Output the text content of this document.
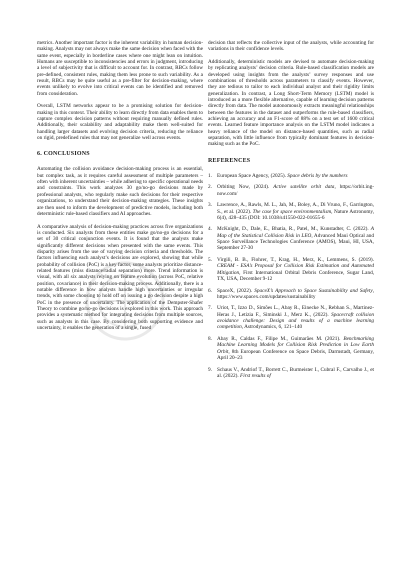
metrics. Another important factor is the inherent variability in human decision-making. Analysts may not always make the same decision when faced with the same event, especially in borderline cases where one might lean on intuition. Humans are susceptible to inconsistencies and errors in judgment, introducing a level of subjectivity that is difficult to account for. In contrast, RBCs follow pre-defined, consistent rules, making them less prone to such variability. As a result, RBCs may be quite useful as a pre-filter for decision-making, where events unlikely to evolve into critical events can be identified and removed from consideration.

Overall, LSTM networks appear to be a promising solution for decision-making in this context. Their ability to learn directly from data enables them to capture complex decision patterns without requiring manually defined rules. Additionally, their scalability and adaptability make them well-suited for handling larger datasets and evolving decision criteria, reducing the reliance on rigid, predefined rules that may not generalize well across events.

6. CONCLUSIONS

Automating the collision avoidance decision-making process is an essential, but complex task, as it requires careful assessment of multiple parameters – often with inherent uncertainties – while adhering to specific operational needs and constraints. This work analyzes 30 go/no-go decisions made by professional analysts, who regularly make such decisions for their respective organizations, to understand their decision-making strategies. These insights are then used to inform the development of predictive models, including both deterministic rule-based classifiers and AI approaches.

A comparative analysis of decision-making practices across five organizations is conducted. Six analysts from these entities make go/no-go decisions for a set of 30 critical conjunction events. It is found that the analysts make significantly different decisions when presented with the same events. This disparity arises from the use of varying decision criteria and thresholds. The factors influencing each analyst’s decisions are explored, showing that while probability of collision (PoC) is a key factor, some analysts prioritize distance-related features (miss distance/radial separation) more. Trend information is visual, with all six analysts relying on feature evolution (across PoC, relative position, covariance) in their decision-making process. Additionally, there is a notable difference in how analysts handle high uncertainties or irregular trends, with some choosing to hold off on issuing a go decision despite a high PoC in the presence of uncertainty. The application of the Dempster-Shafer Theory to combine go/no-go decisions is explored in this work. This approach provides a systematic method for integrating decisions from multiple sources, such as analysts in this case. By considering both supporting evidence and uncertainty, it enables the generation of a single, fused

decision that reflects the collective input of the analysts, while accounting for variations in their confidence levels.

Additionally, deterministic models are devised to automate decision-making by replicating analysts’ decision criteria. Rule-based classification models are developed using insights from the analysts’ survey responses and use combinations of thresholds across parameters to classify events. However, they are tedious to tailor to each individual analyst and their rigidity limits generalization. In contrast, a Long Short-Term Memory (LSTM) model is introduced as a more flexible alternative, capable of learning decision patterns directly from data. The model autonomously extracts meaningful relationships between the features in the dataset and outperforms the rule-based classifiers, achieving an accuracy and an F1-score of 88% on a test set of 1600 critical events. Learned feature importance analysis on the LSTM model indicates a heavy reliance of the model on distance-based quantities, such as radial separation, with little influence from typically dominant features in decision-making such as the PoC.

REFERENCES
1. European Space Agency, (2025). Space debris by the numbers
2. Orbiting Now, (2024). Active satellite orbit data, https://orbit.ing-now.com/
3. Lawrence, A., Rawls, M. L., Jah, M., Boley, A., Di Vruno, F., Garrington, S., et al. (2022). The case for space environmentalism, Nature Astronomy, 6(4), 428–435 (DOI: 10.1038/s41550-022-01655-6
4. McKnight, D., Dale, E., Bhatia, R., Patel, M., Kunstadter, C. (2022). A Map of the Statistical Collision Risk in LEO, Advanced Maui Optical and Space Surveillance Technologies Conference (AMOS), Maui, HI, USA, September 27-30
5. Virgili, B. B., Flohrer, T., Krag, H., Merz, K., Lemmens, S. (2019). CREAM - ESA’s Proposal for Collision Risk Estimation and Automated Mitigation, First International Orbital Debris Conference, Sugar Land, TX, USA, December 9-12
6. SpaceX, (2022). SpaceX’s Approach to Space Sustainability and Safety, https://www.spacex.com/updates/sustainability
7. Uriot, T., Izzo D., Simões L., Abay R., Einecke N., Rebhan S., Martinez-Heras J., Letizia F., Siminski J., Merz K., (2022). Spacecraft collision avoidance challenge: Design and results of a machine learning competition, Astrodynamics, 6, 121–140
8. Abay R., Caldas F., Filipe M., Guimarães M. (2021). Benchmarking Machine Learning Models for Collision Risk Prediction in Low Earth Orbit, 8th European Conference on Space Debris, Darmstadt, Germany, April 20–23
9. Schaus V., Andriof T., Borrett C., Burmeister I., Cubral F., Carvalho J., et al. (2022). First results of
